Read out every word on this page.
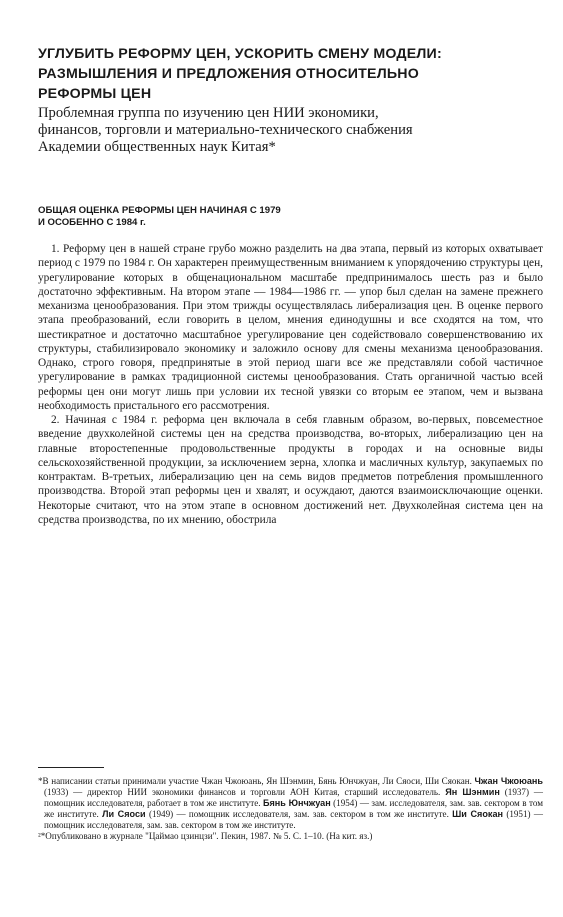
УГЛУБИТЬ РЕФОРМУ ЦЕН, УСКОРИТЬ СМЕНУ МОДЕЛИ:
РАЗМЫШЛЕНИЯ И ПРЕДЛОЖЕНИЯ ОТНОСИТЕЛЬНО
РЕФОРМЫ ЦЕН
Проблемная группа по изучению цен НИИ экономики,
финансов, торговли и материально-технического снабжения
Академии общественных наук Китая*
ОБЩАЯ ОЦЕНКА РЕФОРМЫ ЦЕН НАЧИНАЯ С 1979
И ОСОБЕННО С 1984 г.

1. Реформу цен в нашей стране грубо можно разделить на два этапа, первый из которых охватывает период с 1979 по 1984 г. Он характерен преимущественным вниманием к упорядочению структуры цен, урегулирование которых в общенациональном масштабе предпринималось шесть раз и было достаточно эффективным. На втором этапе — 1984—1986 гг. — упор был сделан на замене прежнего механизма ценообразования. При этом трижды осуществлялась либерализация цен. В оценке первого этапа преобразований, если говорить в целом, мнения единодушны и все сходятся на том, что шестикратное и достаточно масштабное урегулирование цен содействовало совершенствованию их структуры, стабилизировало экономику и заложило основу для смены механизма ценообразования. Однако, строго говоря, предпринятые в этой период шаги все же представляли собой частичное урегулирование в рамках традиционной системы ценообразования. Стать органичной частью всей реформы цен они могут лишь при условии их тесной увязки со вторым ее этапом, чем и вызвана необходимость пристального его рассмотрения.

2. Начиная с 1984 г. реформа цен включала в себя главным образом, во-первых, повсеместное введение двухколейной системы цен на средства производства, во-вторых, либерализацию цен на главные второстепенные продовольственные продукты в городах и на основные виды сельскохозяйственной продукции, за исключением зерна, хлопка и масличных культур, закупаемых по контрактам. В-третьих, либерализацию цен на семь видов предметов потребления промышленного производства. Второй этап реформы цен и хвалят, и осуждают, даются взаимоисключающие оценки. Некоторые считают, что на этом этапе в основном достижений нет. Двухколейная система цен на средства производства, по их мнению, обострила

*В написании статьи принимали участие Чжан Чжоюань, Ян Шэнмин, Бянь Юнчжуан, Ли Сяоси, Ши Сяокан. Чжан Чжоюань (1933) — директор НИИ экономики финансов и торговли АОН Китая, старший исследователь. Ян Шэнмин (1937) — помощник исследователя, работает в том же институте. Бянь Юнчжуан (1954) — зам. исследователя, зам. зав. сектором в том же институте. Ли Сяоси (1949) — помощник исследователя, зам. зав. сектором в том же институте. Ши Сяокан (1951) — помощник исследователя, зам. зав. сектором в том же институте.

²*Опубликовано в журнале "Цаймао цзинцзи". Пекин, 1987. № 5. С. 1–10. (На кит. яз.)
